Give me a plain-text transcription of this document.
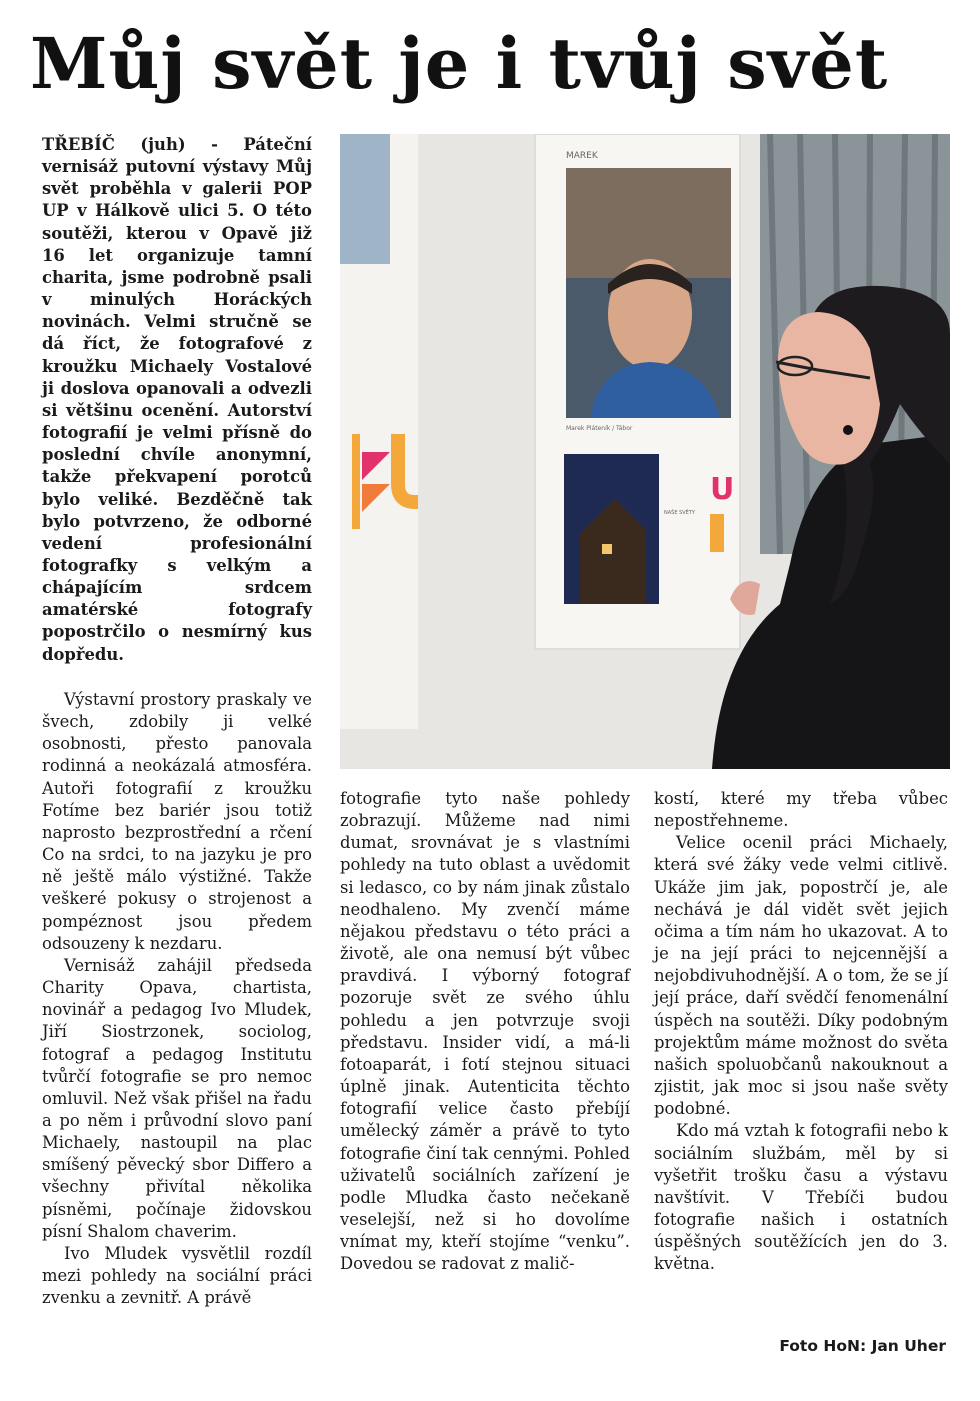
Můj svět je i tvůj svět

TŘEBÍČ (juh) - Páteční vernisáž putovní výstavy Můj svět proběhla v galerii POP UP v Hálkově ulici 5. O této soutěži, kterou v Opavě již 16 let organizuje tamní charita, jsme podrobně psali v minulých Horáckých novinách. Velmi stručně se dá říct, že fotografové z kroužku Michaely Vostalové ji doslova opanovali a odvezli si většinu ocenění. Autorství fotografií je velmi přísně do poslední chvíle anonymní, takže překvapení porotců bylo veliké. Bezděčně tak bylo potvrzeno, že odborné vedení profesionální fotografky s velkým a chápajícím srdcem amatérské fotografy popostrčilo o nesmírný kus dopředu.

Výstavní prostory praskaly ve švech, zdobily ji velké osobnosti, přesto panovala rodinná a neokázalá atmosféra. Autoři fotografií z kroužku Fotíme bez bariér jsou totiž naprosto bezprostřední a rčení Co na srdci, to na jazyku je pro ně ještě málo výstižné. Takže veškeré pokusy o strojenost a pompéznost jsou předem odsouzeny k nezdaru.

Vernisáž zahájil předseda Charity Opava, chartista, novinář a pedagog Ivo Mludek, Jiří Siostrzonek, sociolog, fotograf a pedagog Institutu tvůrčí fotografie se pro nemoc omluvil. Než však přišel na řadu a po něm i průvodní slovo paní Michaely, nastoupil na plac smíšený pěvecký sbor Differo a všechny přivítal několika písněmi, počínaje židovskou písní Shalom chaverim.

Ivo Mludek vysvětlil rozdíl mezi pohledy na sociální práci zvenku a zevnitř. A právě

fotografie tyto naše pohledy zobrazují. Můžeme nad nimi dumat, srovnávat je s vlastními pohledy na tuto oblast a uvědomit si ledasco, co by nám jinak zůstalo neodhaleno. My zvenčí máme nějakou představu o této práci a životě, ale ona nemusí být vůbec pravdivá. I výborný fotograf pozoruje svět ze svého úhlu pohledu a jen potvrzuje svoji představu. Insider vidí, a má-li fotoaparát, i fotí stejnou situaci úplně jinak. Autenticita těchto fotografií velice často přebíjí umělecký záměr a právě to tyto fotografie činí tak cennými. Pohled uživatelů sociálních zařízení je podle Mludka často nečekaně veselejší, než si ho dovolíme vnímat my, kteří stojíme “venku”. Dovedou se radovat z malič-

kostí, které my třeba vůbec nepostřehneme.

Velice ocenil práci Michaely, která své žáky vede velmi citlivě. Ukáže jim jak, popostrčí je, ale nechává je dál vidět svět jejich očima a tím nám ho ukazovat. A to je na její práci to nejcennější a nejobdivuhodnější. A o tom, že se jí její práce, daří svědčí fenomenální úspěch na soutěži. Díky podobným projektům máme možnost do světa našich spoluobčanů nakouknout a zjistit, jak moc si jsou naše světy podobné.

Kdo má vztah k fotografii nebo k sociálním službám, měl by si vyšetřit trošku času a výstavu navštívit. V Třebíči budou fotografie našich i ostatních úspěšných soutěžících jen do 3. května.

Foto HoN: Jan Uher
MAREK
Marek Pláteník / Tábor
NAŠE SVĚTY
U
